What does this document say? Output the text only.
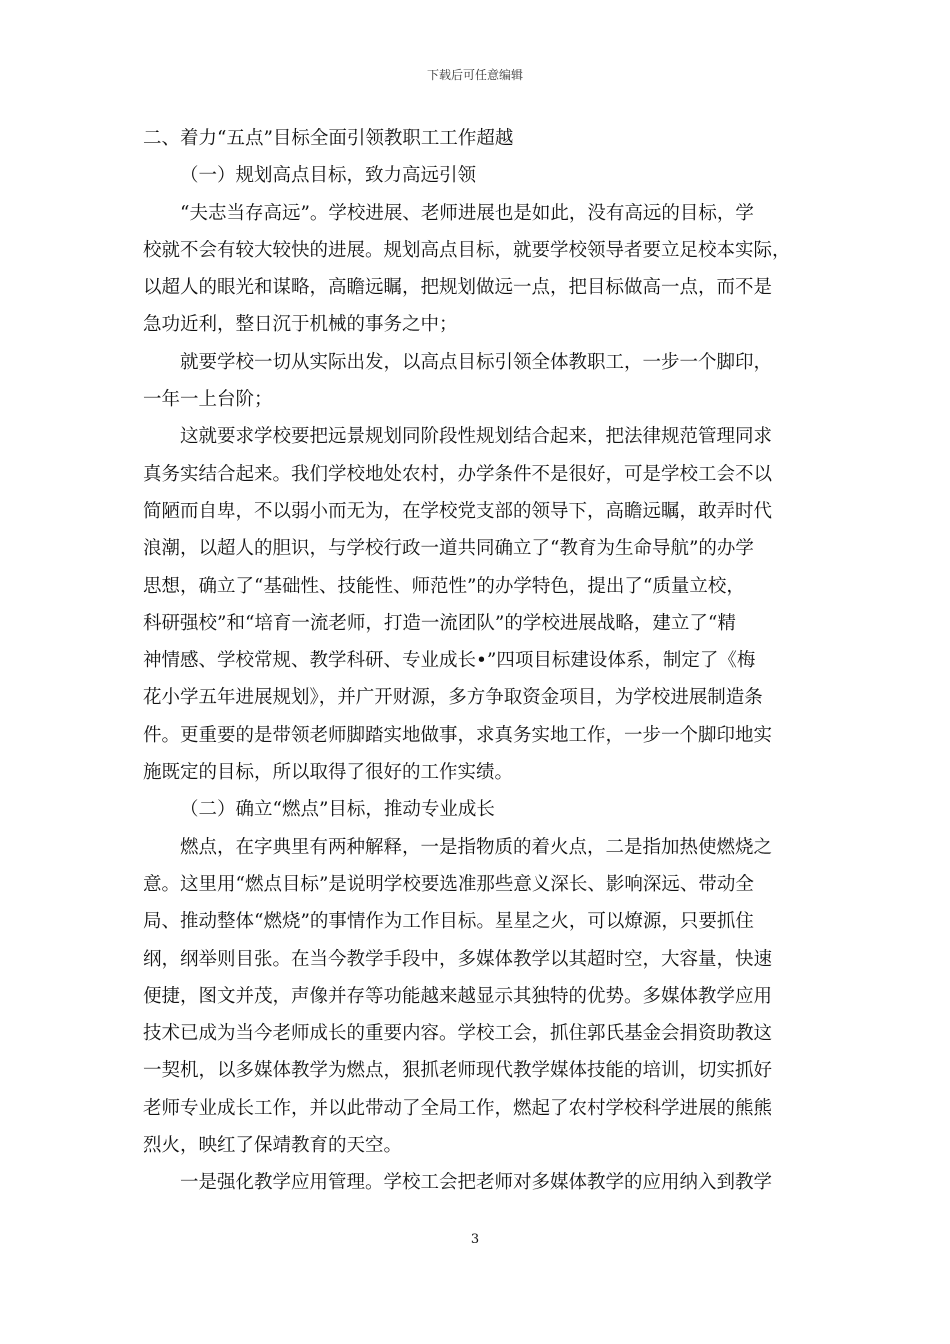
下载后可任意编辑
二、着力“五点”目标全面引领教职工工作超越
（一）规划高点目标，致力高远引领
“夫志当存高远”。学校进展、老师进展也是如此，没有高远的目标，学
校就不会有较大较快的进展。规划高点目标，就要学校领导者要立足校本实际，
以超人的眼光和谋略，高瞻远瞩，把规划做远一点，把目标做高一点，而不是
急功近利，整日沉于机械的事务之中；
就要学校一切从实际出发，以高点目标引领全体教职工，一步一个脚印，
一年一上台阶；
这就要求学校要把远景规划同阶段性规划结合起来，把法律规范管理同求
真务实结合起来。我们学校地处农村，办学条件不是很好，可是学校工会不以
简陋而自卑，不以弱小而无为，在学校党支部的领导下，高瞻远瞩，敢弄时代
浪潮，以超人的胆识，与学校行政一道共同确立了“教育为生命导航”的办学
思想，确立了“基础性、技能性、师范性”的办学特色，提出了“质量立校，
科研强校”和“培育一流老师，打造一流团队”的学校进展战略，建立了“精
神情感、学校常规、教学科研、专业成长•”四项目标建设体系，制定了《梅
花小学五年进展规划》，并广开财源，多方争取资金项目，为学校进展制造条
件。更重要的是带领老师脚踏实地做事，求真务实地工作，一步一个脚印地实
施既定的目标，所以取得了很好的工作实绩。
（二）确立“燃点”目标，推动专业成长
燃点，在字典里有两种解释，一是指物质的着火点，二是指加热使燃烧之
意。这里用“燃点目标”是说明学校要选准那些意义深长、影响深远、带动全
局、推动整体“燃烧”的事情作为工作目标。星星之火，可以燎源，只要抓住
纲，纲举则目张。在当今教学手段中，多媒体教学以其超时空，大容量，快速
便捷，图文并茂，声像并存等功能越来越显示其独特的优势。多媒体教学应用
技术已成为当今老师成长的重要内容。学校工会，抓住郭氏基金会捐资助教这
一契机，以多媒体教学为燃点，狠抓老师现代教学媒体技能的培训，切实抓好
老师专业成长工作，并以此带动了全局工作，燃起了农村学校科学进展的熊熊
烈火，映红了保靖教育的天空。
一是强化教学应用管理。学校工会把老师对多媒体教学的应用纳入到教学
3
